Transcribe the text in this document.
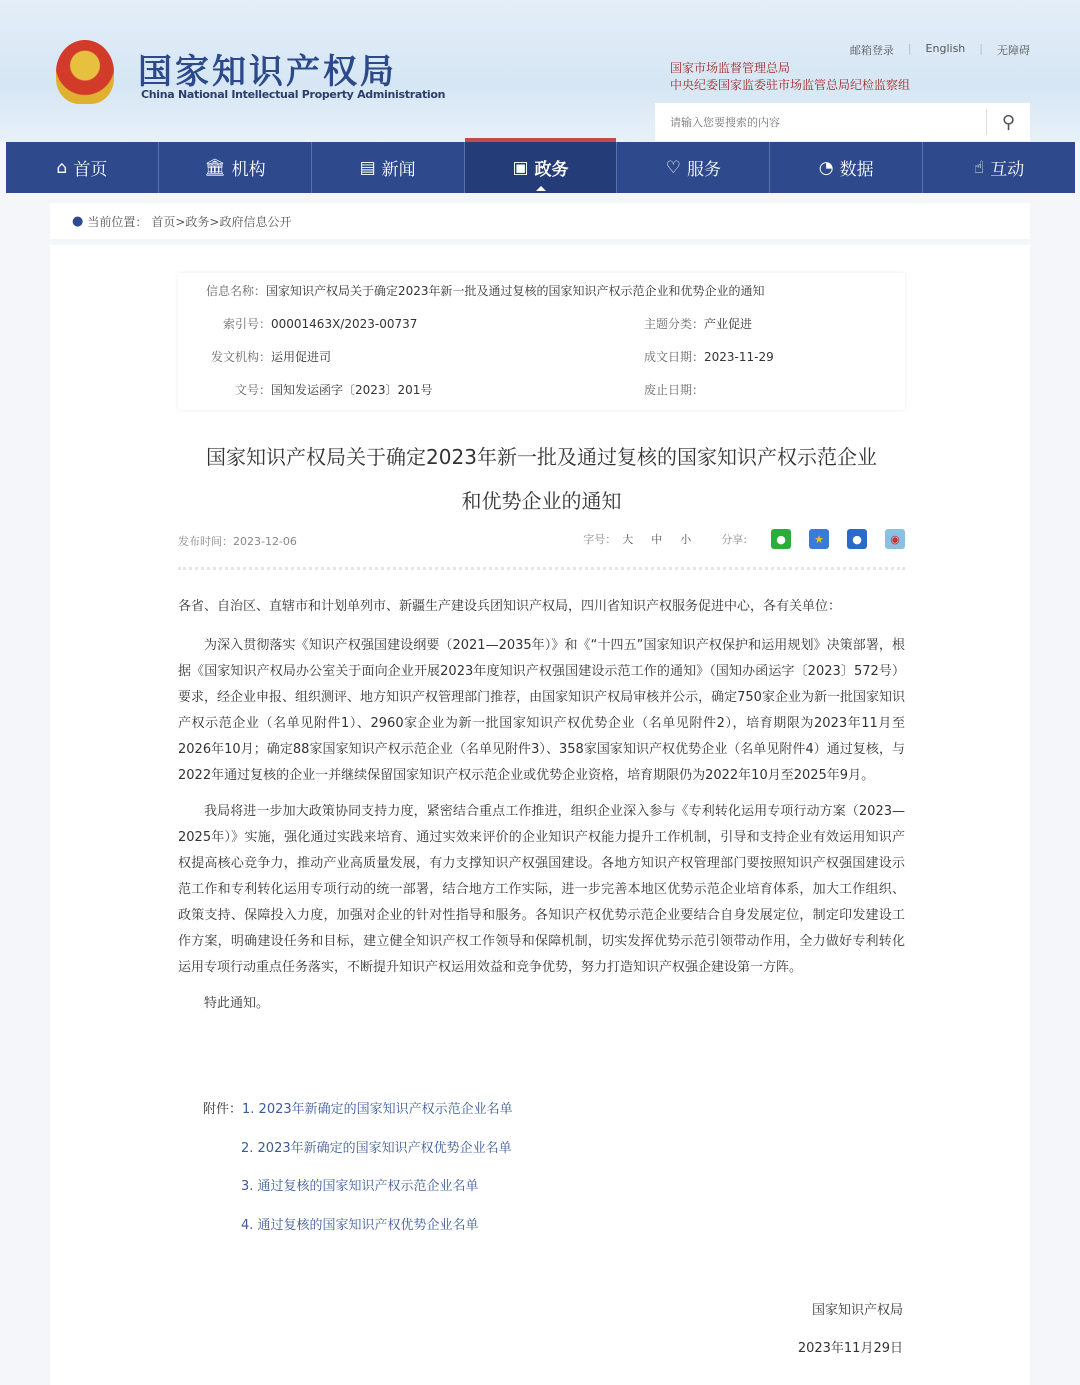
国家知识产权局
China National Intellectual Property Administration
邮箱登录 | English | 无障碍
国家市场监督管理总局
中央纪委国家监委驻市场监管总局纪检监察组
请输入您要搜索的内容
⚲
⌂ 首页	🏛 机构	▤ 新闻	▣ 政务	♡ 服务	◔ 数据	☝ 互动
● 当前位置： 首页>政务>政府信息公开
信息名称：国家知识产权局关于确定2023年新一批及通过复核的国家知识产权示范企业和优势企业的通知
索引号：00001463X/2023-00737	主题分类：产业促进
发文机构：运用促进司	成文日期：2023-11-29
文号：国知发运函字〔2023〕201号	废止日期：
国家知识产权局关于确定2023年新一批及通过复核的国家知识产权示范企业
和优势企业的通知
发布时间：2023-12-06	字号： 大 中 小	分享:	●	★	●	◉

各省、自治区、直辖市和计划单列市、新疆生产建设兵团知识产权局，四川省知识产权服务促进中心，各有关单位：

为深入贯彻落实《知识产权强国建设纲要（2021—2035年）》和《“十四五”国家知识产权保护和运用规划》决策部署，根据《国家知识产权局办公室关于面向企业开展2023年度知识产权强国建设示范工作的通知》（国知办函运字〔2023〕572号）要求，经企业申报、组织测评、地方知识产权管理部门推荐，由国家知识产权局审核并公示，确定750家企业为新一批国家知识产权示范企业（名单见附件1）、2960家企业为新一批国家知识产权优势企业（名单见附件2），培育期限为2023年11月至2026年10月；确定88家国家知识产权示范企业（名单见附件3）、358家国家知识产权优势企业（名单见附件4）通过复核，与2022年通过复核的企业一并继续保留国家知识产权示范企业或优势企业资格，培育期限仍为2022年10月至2025年9月。

我局将进一步加大政策协同支持力度，紧密结合重点工作推进，组织企业深入参与《专利转化运用专项行动方案（2023—2025年）》实施，强化通过实践来培育、通过实效来评价的企业知识产权能力提升工作机制，引导和支持企业有效运用知识产权提高核心竞争力，推动产业高质量发展，有力支撑知识产权强国建设。各地方知识产权管理部门要按照知识产权强国建设示范工作和专利转化运用专项行动的统一部署，结合地方工作实际，进一步完善本地区优势示范企业培育体系，加大工作组织、政策支持、保障投入力度，加强对企业的针对性指导和服务。各知识产权优势示范企业要结合自身发展定位，制定印发建设工作方案，明确建设任务和目标，建立健全知识产权工作领导和保障机制，切实发挥优势示范引领带动作用，全力做好专利转化运用专项行动重点任务落实，不断提升知识产权运用效益和竞争优势，努力打造知识产权强企建设第一方阵。

特此通知。

附件：1. 2023年新确定的国家知识产权示范企业名单
2. 2023年新确定的国家知识产权优势企业名单
3. 通过复核的国家知识产权示范企业名单
4. 通过复核的国家知识产权优势企业名单
国家知识产权局
2023年11月29日
